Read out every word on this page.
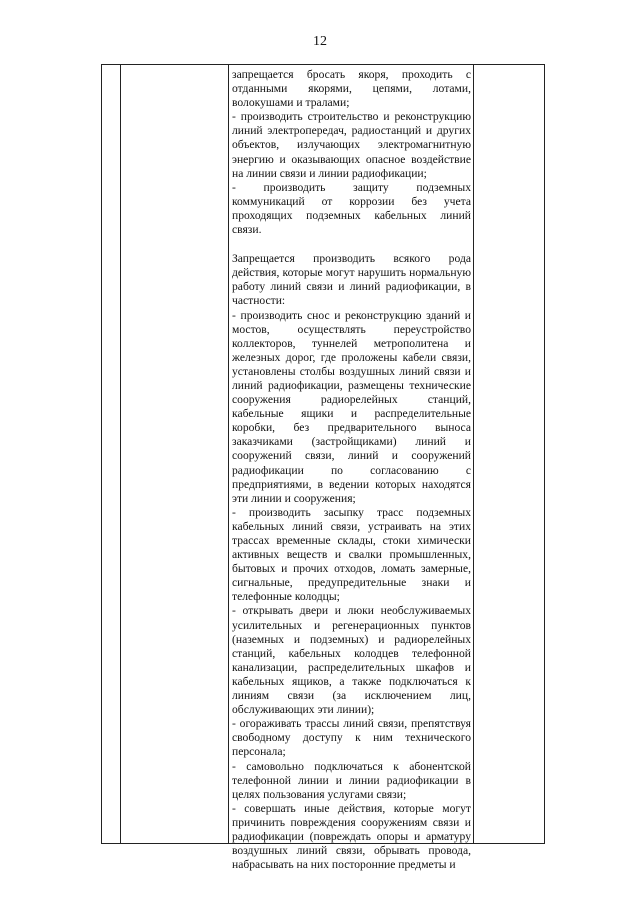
12

запрещается бросать якоря, проходить с отданными якорями, цепями, лотами, волокушами и тралами;

- производить строительство и реконструкцию линий электропередач, радиостанций и других объектов, излучающих электромагнитную энергию и оказывающих опасное воздействие на линии связи и линии радиофикации;

- производить защиту подземных коммуникаций от коррозии без учета проходящих подземных кабельных линий связи.

Запрещается производить всякого рода действия, которые могут нарушить нормальную работу линий связи и линий радиофикации, в частности:

- производить снос и реконструкцию зданий и мостов, осуществлять переустройство коллекторов, туннелей метрополитена и железных дорог, где проложены кабели связи, установлены столбы воздушных линий связи и линий радиофикации, размещены технические сооружения радиорелейных станций, кабельные ящики и распределительные коробки, без предварительного выноса заказчиками (застройщиками) линий и сооружений связи, линий и сооружений радиофикации по согласованию с предприятиями, в ведении которых находятся эти линии и сооружения;

- производить засыпку трасс подземных кабельных линий связи, устраивать на этих трассах временные склады, стоки химически активных веществ и свалки промышленных, бытовых и прочих отходов, ломать замерные, сигнальные, предупредительные знаки и телефонные колодцы;

- открывать двери и люки необслуживаемых усилительных и регенерационных пунктов (наземных и подземных) и радиорелейных станций, кабельных колодцев телефонной канализации, распределительных шкафов и кабельных ящиков, а также подключаться к линиям связи (за исключением лиц, обслуживающих эти линии);

- огораживать трассы линий связи, препятствуя свободному доступу к ним технического персонала;

- самовольно подключаться к абонентской телефонной линии и линии радиофикации в целях пользования услугами связи;

- совершать иные действия, которые могут причинить повреждения сооружениям связи и радиофикации (повреждать опоры и арматуру воздушных линий связи, обрывать провода, набрасывать на них посторонние предметы и
